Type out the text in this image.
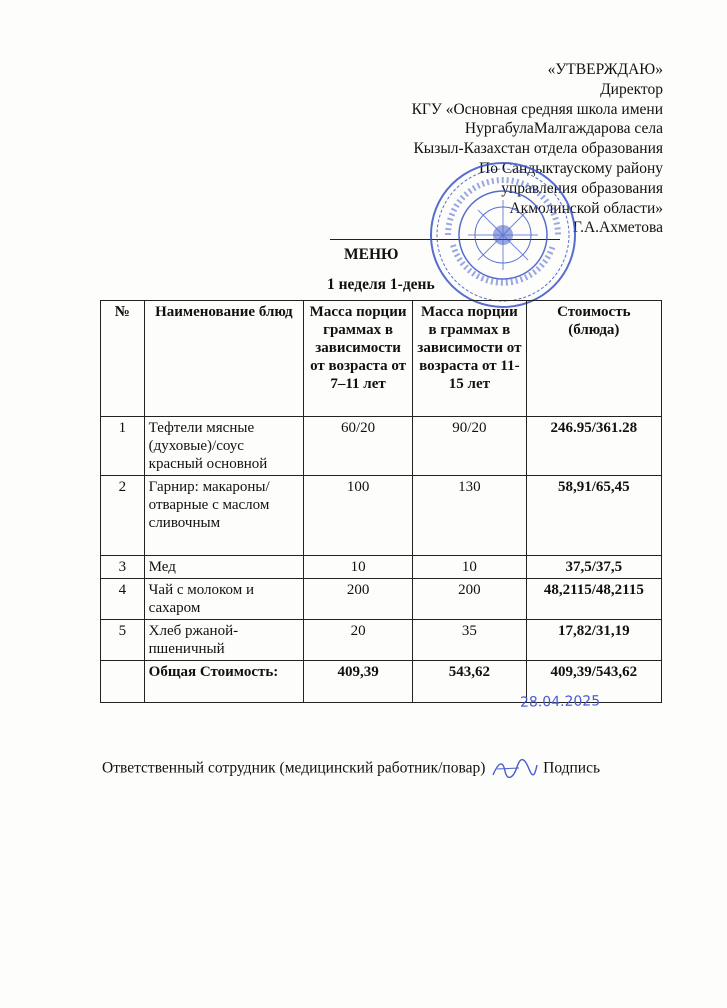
«УТВЕРЖДАЮ»
Директор
КГУ «Основная средняя школа имени
НургабулаМалгаждарова села
Кызыл-Казахстан отдела образования
По Сандыктаускому району
управления образования
Акмолинской области»
Г.А.Ахметова
МЕНЮ
1 неделя 1-день
№	Наименование блюд	Масса порции граммах в зависимости от возраста от 7–11 лет	Масса порции в граммах в зависимости от возраста от 11-15 лет	Стоимость (блюда)
1	Тефтели мясные (духовые)/соус красный основной	60/20	90/20	246.95/361.28
2	Гарнир: макароны/отварные с маслом сливочным	100	130	58,91/65,45
3	Мед	10	10	37,5/37,5
4	Чай с молоком и сахаром	200	200	48,2115/48,2115
5	Хлеб ржаной-пшеничный	20	35	17,82/31,19
	Общая Стоимость:	409,39	543,62	409,39/543,62
28.04.2025
Ответственный сотрудник (медицинский работник/повар)	Подпись
